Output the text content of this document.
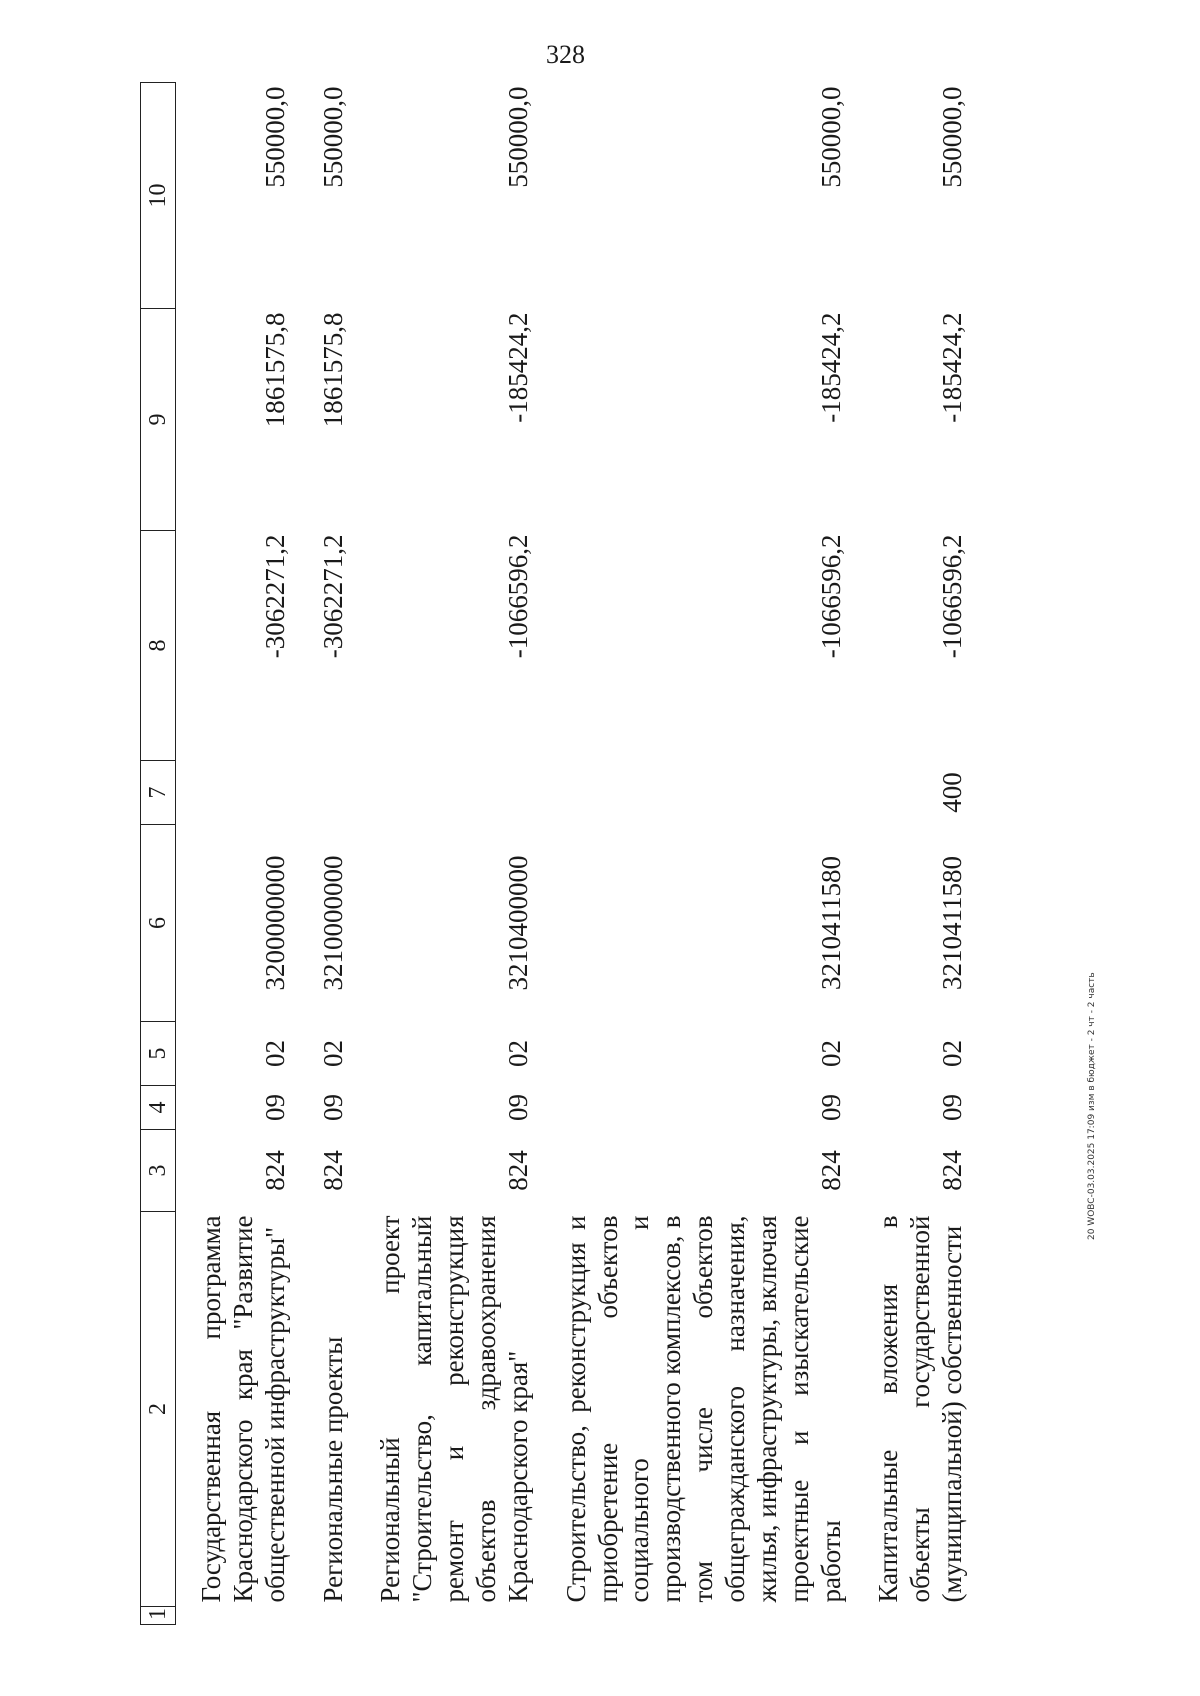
328
1	2	3	4	5	6	7	8	9	10
	Государственная программа Краснодарского края "Развитие общественной инфраструктуры"	824	09	02	3200000000		-3062271,2	1861575,8	550000,0
	Региональные проекты	824	09	02	3210000000		-3062271,2	1861575,8	550000,0
	Региональный проект "Строительство, капитальный ремонт и реконструкция объектов здравоохранения Краснодарского края"	824	09	02	3210400000		-1066596,2	-185424,2	550000,0
	Строительство, реконструкция и приобретение объектов социального и производственного комплексов, в том числе объектов общегражданского назначения, жилья, инфраструктуры, включая проектные и изыскательские работы	824	09	02	3210411580		-1066596,2	-185424,2	550000,0
	Капитальные вложения в объекты государственной (муниципальной) собственности	824	09	02	3210411580	400	-1066596,2	-185424,2	550000,0
20 WOBC-03.03.2025 17:09 изм в бюджет - 2 чт - 2 часть
